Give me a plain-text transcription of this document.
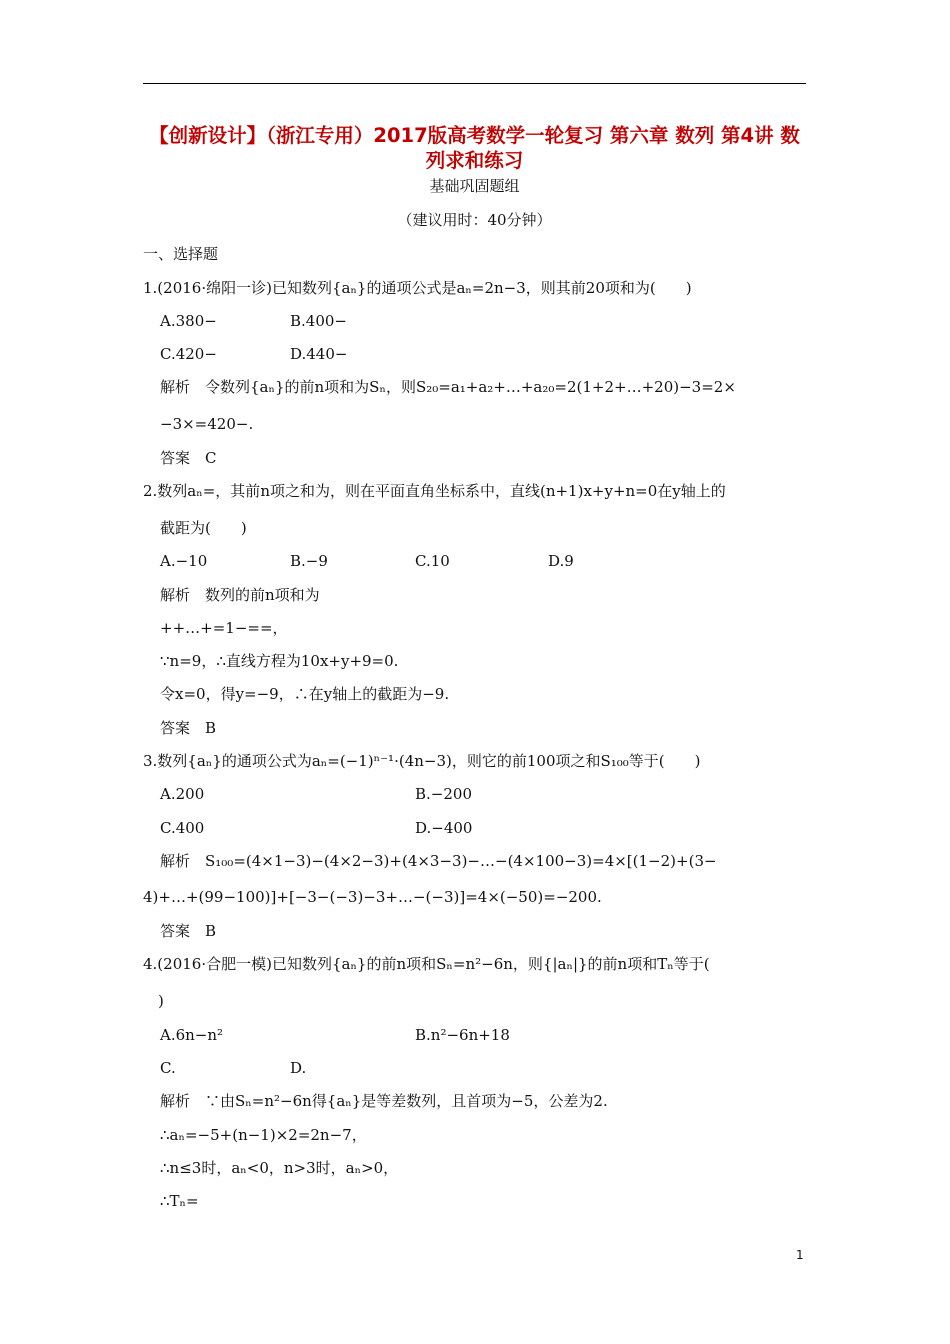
【创新设计】（浙江专用）2017版高考数学一轮复习 第六章 数列 第4讲 数列求和练习
基础巩固题组
（建议用时：40分钟）
一、选择题
1.(2016·绵阳一诊)已知数列{aₙ}的通项公式是aₙ=2n−3，则其前20项和为(　　)
A.380−	B.400−
C.420−	D.440−
解析　令数列{aₙ}的前n项和为Sₙ，则S₂₀=a₁+a₂+…+a₂₀=2(1+2+…+20)−3=2×
−3×=420−.
答案　C
2.数列aₙ=，其前n项之和为，则在平面直角坐标系中，直线(n+1)x+y+n=0在y轴上的
截距为(　　)
A.−10	B.−9	C.10	D.9
解析　数列的前n项和为
++…+=1−==，
∵n=9，∴直线方程为10x+y+9=0.
令x=0，得y=−9，∴在y轴上的截距为−9.
答案　B
3.数列{aₙ}的通项公式为aₙ=(−1)ⁿ⁻¹·(4n−3)，则它的前100项之和S₁₀₀等于(　　)
A.200	B.−200
C.400	D.−400
解析　S₁₀₀=(4×1−3)−(4×2−3)+(4×3−3)−…−(4×100−3)=4×[(1−2)+(3−
4)+…+(99−100)]+[−3−(−3)−3+…−(−3)]=4×(−50)=−200.
答案　B
4.(2016·合肥一模)已知数列{aₙ}的前n项和Sₙ=n²−6n，则{|aₙ|}的前n项和Tₙ等于(
)
A.6n−n²	B.n²−6n+18
C.	D.
解析　∵由Sₙ=n²−6n得{aₙ}是等差数列，且首项为−5，公差为2.
∴aₙ=−5+(n−1)×2=2n−7，
∴n≤3时，aₙ<0，n>3时，aₙ>0，
∴Tₙ=
1
